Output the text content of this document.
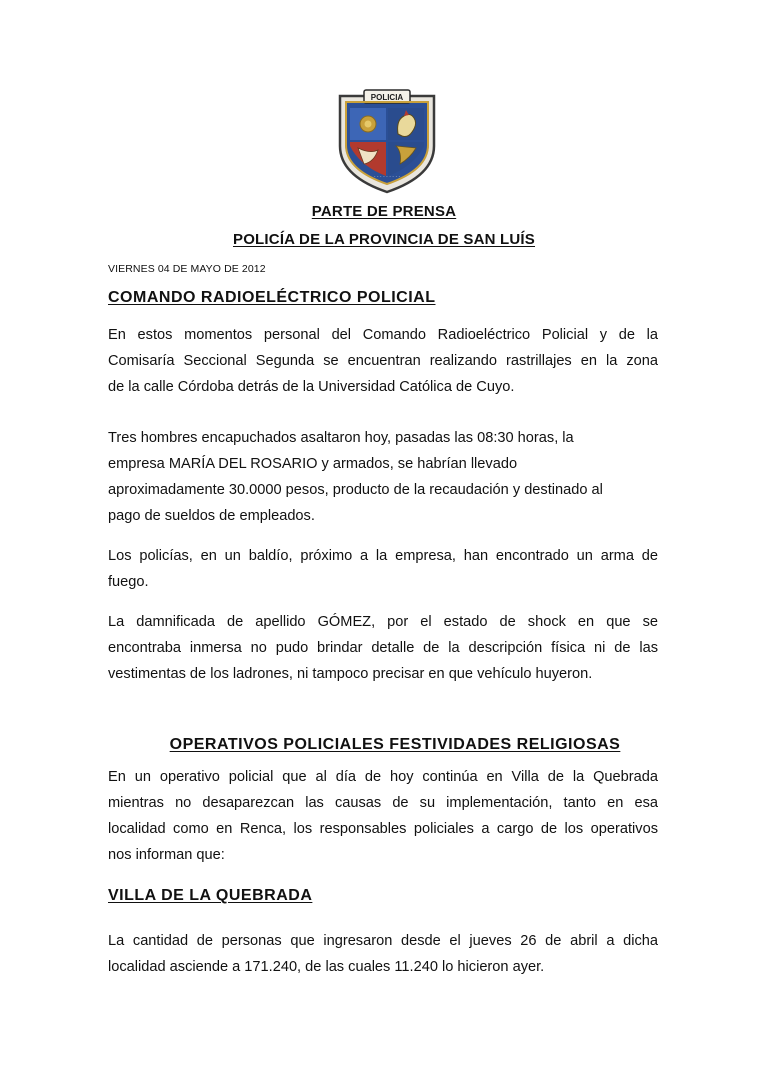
POLICIA
· · · · · · · · ·
PARTE DE PRENSA
POLICÍA DE LA PROVINCIA DE SAN LUÍS
VIERNES 04 DE MAYO DE 2012
COMANDO RADIOELÉCTRICO POLICIAL

En estos momentos personal del Comando Radioeléctrico Policial y de la
Comisaría Seccional Segunda se encuentran realizando rastrillajes en la zona
de la calle Córdoba detrás de la Universidad Católica de Cuyo.

Tres hombres encapuchados asaltaron hoy, pasadas las 08:30 horas, la
empresa MARÍA DEL ROSARIO y armados, se habrían llevado
aproximadamente 30.0000 pesos, producto de la recaudación y destinado al
pago de sueldos de empleados.

Los policías, en un baldío, próximo a la empresa, han encontrado un arma de
fuego.

La damnificada de apellido GÓMEZ, por el estado de shock en que se
encontraba inmersa no pudo brindar detalle de la descripción física ni de las
vestimentas de los ladrones, ni tampoco precisar en que vehículo huyeron.

OPERATIVOS POLICIALES FESTIVIDADES RELIGIOSAS

En un operativo policial que al día de hoy continúa en Villa de la Quebrada
mientras no desaparezcan las causas de su implementación, tanto en esa
localidad como en Renca, los responsables policiales a cargo de los operativos
nos informan que:

VILLA DE LA QUEBRADA

La cantidad de personas que ingresaron desde el jueves 26 de abril a dicha
localidad asciende a 171.240, de las cuales 11.240 lo hicieron ayer.
